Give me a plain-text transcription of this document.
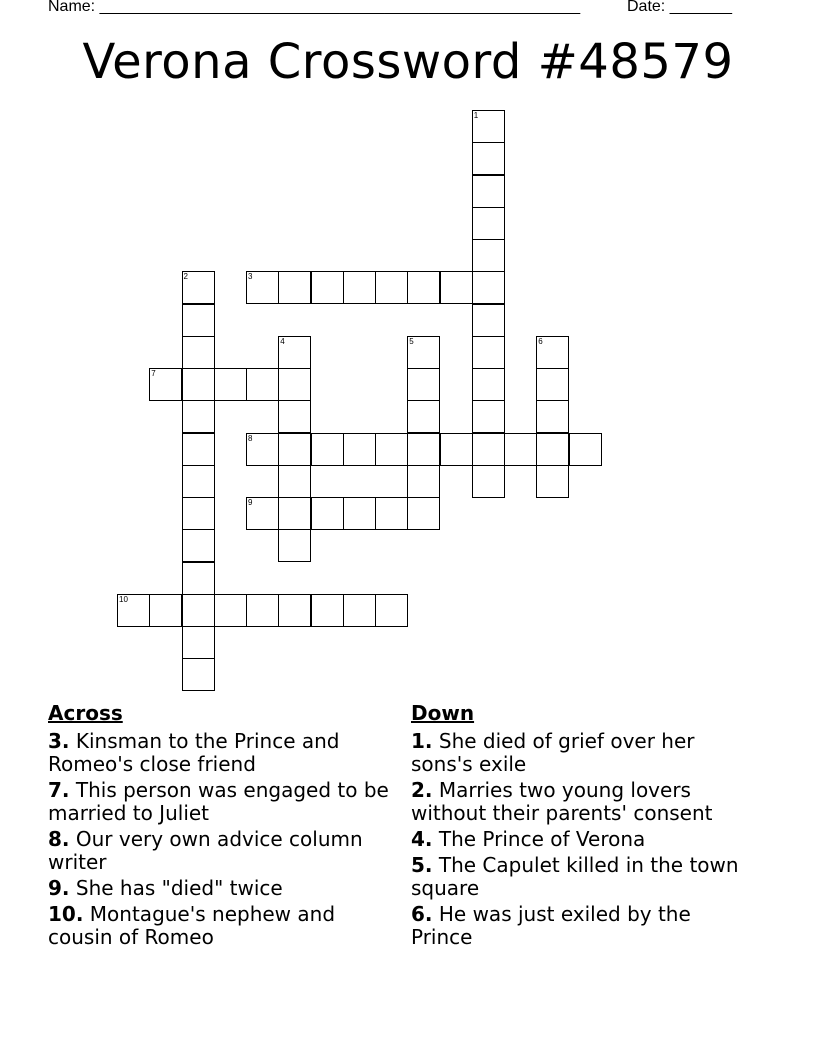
Name: ______________________________________________________	Date: _______
Verona Crossword #48579
1
2	3
4	5	6
7
8
9
10
Across
3. Kinsman to the Prince and Romeo's close friend
7. This person was engaged to be married to Juliet
8. Our very own advice column writer
9. She has "died" twice
10. Montague's nephew and cousin of Romeo
Down
1. She died of grief over her sons's exile
2. Marries two young lovers without their parents' consent
4. The Prince of Verona
5. The Capulet killed in the town square
6. He was just exiled by the Prince
